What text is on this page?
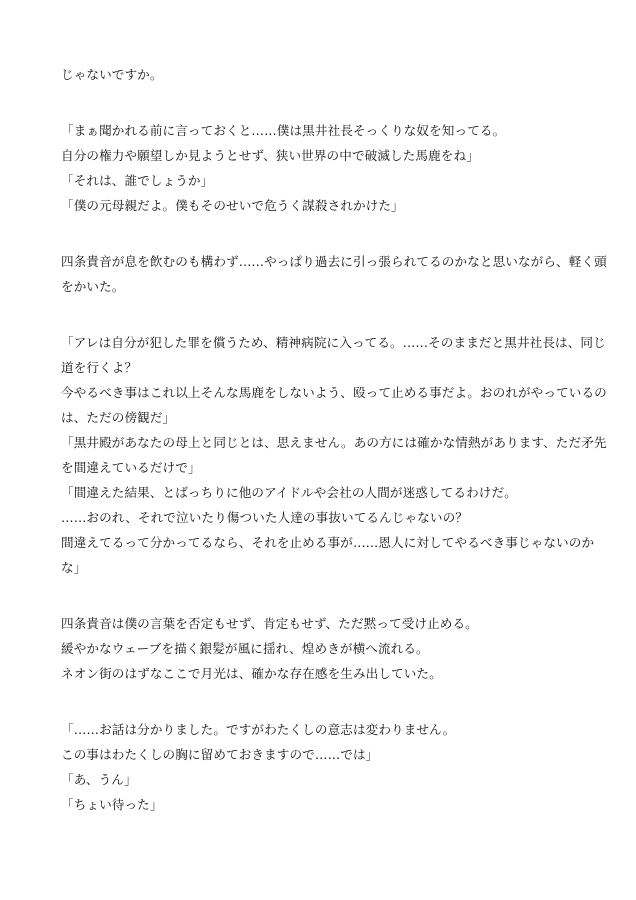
じゃないですか。
「まぁ聞かれる前に言っておくと……僕は黒井社長そっくりな奴を知ってる。
自分の権力や願望しか見ようとせず、狭い世界の中で破滅した馬鹿をね」
「それは、誰でしょうか」
「僕の元母親だよ。僕もそのせいで危うく謀殺されかけた」
四条貴音が息を飲むのも構わず……やっぱり過去に引っ張られてるのかなと思いながら、軽く頭
をかいた。
「アレは自分が犯した罪を償うため、精神病院に入ってる。……そのままだと黒井社長は、同じ
道を行くよ？
今やるべき事はこれ以上そんな馬鹿をしないよう、殴って止める事だよ。おのれがやっているの
は、ただの傍観だ」
「黒井殿があなたの母上と同じとは、思えません。あの方には確かな情熱があります、ただ矛先
を間違えているだけで」
「間違えた結果、とばっちりに他のアイドルや会社の人間が迷惑してるわけだ。
……おのれ、それで泣いたり傷ついた人達の事抜いてるんじゃないの？
間違えてるって分かってるなら、それを止める事が……恩人に対してやるべき事じゃないのか
な」
四条貴音は僕の言葉を否定もせず、肯定もせず、ただ黙って受け止める。
緩やかなウェーブを描く銀髪が風に揺れ、煌めきが横へ流れる。
ネオン街のはずなここで月光は、確かな存在感を生み出していた。
「……お話は分かりました。ですがわたくしの意志は変わりません。
この事はわたくしの胸に留めておきますので……では」
「あ、うん」
「ちょい待った」
